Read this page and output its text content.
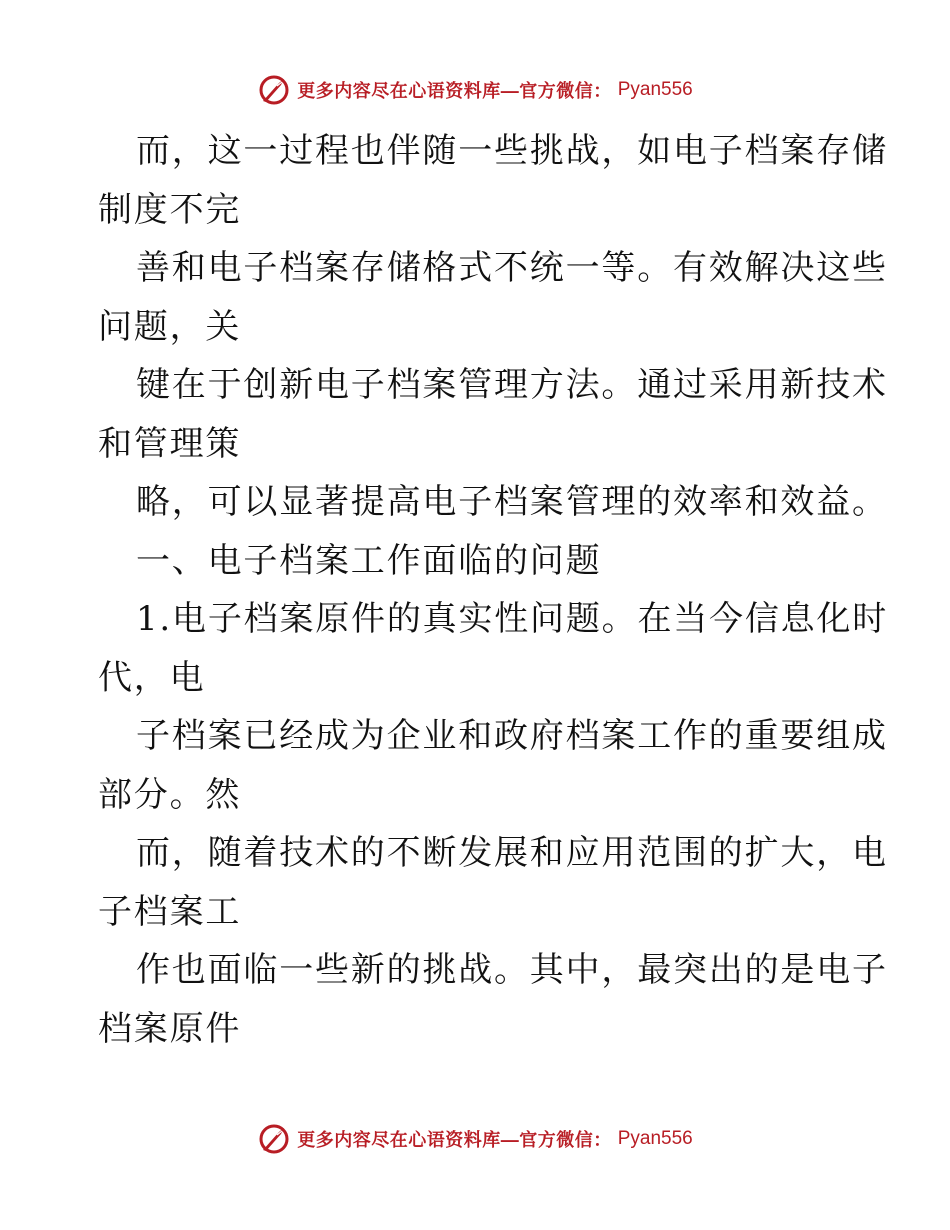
更多内容尽在心语资料库—官方微信： Pyan556
而，这一过程也伴随一些挑战，如电子档案存储
制度不完
善和电子档案存储格式不统一等。有效解决这些
问题，关
键在于创新电子档案管理方法。通过采用新技术
和管理策
略，可以显著提高电子档案管理的效率和效益。
一、电子档案工作面临的问题
1.电子档案原件的真实性问题。在当今信息化时
代，电
子档案已经成为企业和政府档案工作的重要组成
部分。然
而，随着技术的不断发展和应用范围的扩大，电
子档案工
作也面临一些新的挑战。其中，最突出的是电子
档案原件
更多内容尽在心语资料库—官方微信： Pyan556
